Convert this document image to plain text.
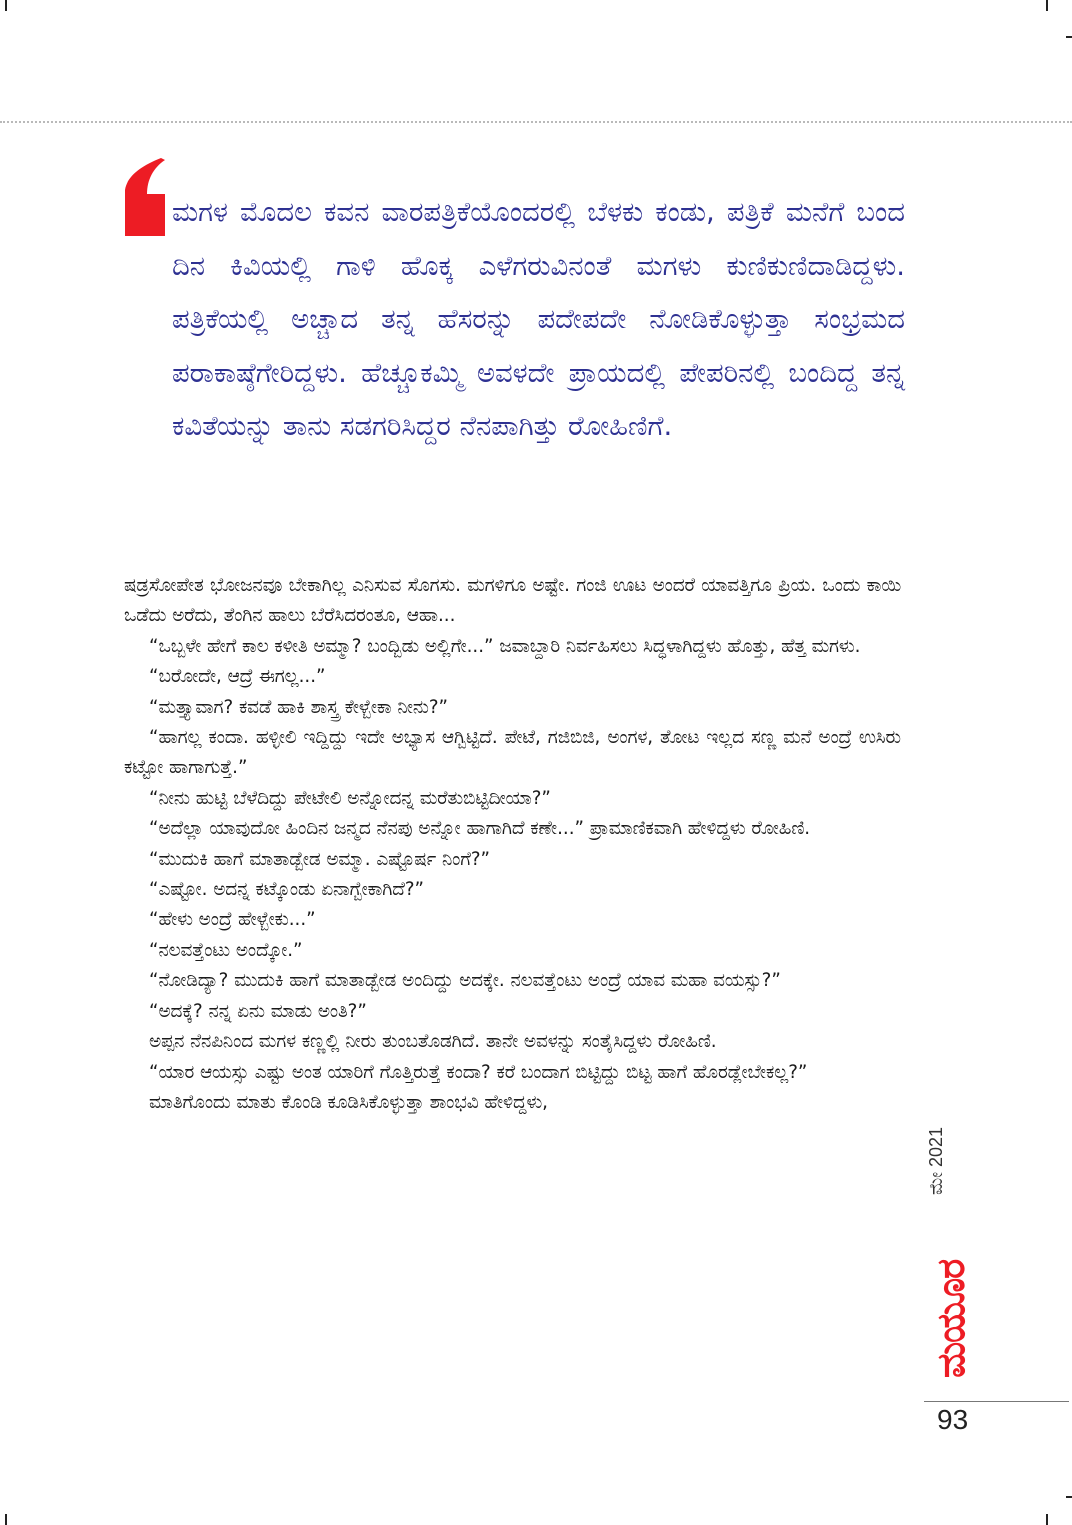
ಮಗಳ ಮೊದಲ ಕವನ ವಾರಪತ್ರಿಕೆಯೊಂದರಲ್ಲಿ ಬೆಳಕು ಕಂಡು, ಪತ್ರಿಕೆ ಮನೆಗೆ ಬಂದ ದಿನ ಕಿವಿಯಲ್ಲಿ ಗಾಳಿ ಹೊಕ್ಕ ಎಳೆಗರುವಿನಂತೆ ಮಗಳು ಕುಣಿಕುಣಿದಾಡಿದ್ದಳು. ಪತ್ರಿಕೆಯಲ್ಲಿ ಅಚ್ಚಾದ ತನ್ನ ಹೆಸರನ್ನು ಪದೇಪದೇ ನೋಡಿಕೊಳ್ಳುತ್ತಾ ಸಂಭ್ರಮದ ಪರಾಕಾಷ್ಠೆಗೇರಿದ್ದಳು. ಹೆಚ್ಚೂಕಮ್ಮಿ ಅವಳದೇ ಪ್ರಾಯದಲ್ಲಿ ಪೇಪರಿನಲ್ಲಿ ಬಂದಿದ್ದ ತನ್ನ ಕವಿತೆಯನ್ನು ತಾನು ಸಡಗರಿಸಿದ್ದರ ನೆನಪಾಗಿತ್ತು ರೋಹಿಣಿಗೆ.

ಷಡ್ರಸೋಪೇತ ಭೋಜನವೂ ಬೇಕಾಗಿಲ್ಲ ಎನಿಸುವ ಸೊಗಸು. ಮಗಳಿಗೂ ಅಷ್ಟೇ. ಗಂಜಿ ಊಟ ಅಂದರೆ ಯಾವತ್ತಿಗೂ ಪ್ರಿಯ. ಒಂದು ಕಾಯಿ ಒಡೆದು ಅರೆದು, ತೆಂಗಿನ ಹಾಲು ಬೆರೆಸಿದರಂತೂ, ಆಹಾ...

“ಒಬ್ಬಳೇ ಹೇಗೆ ಕಾಲ ಕಳೀತಿ ಅಮ್ಮಾ? ಬಂದ್ಬಿಡು ಅಲ್ಲಿಗೇ...” ಜವಾಬ್ದಾರಿ ನಿರ್ವಹಿಸಲು ಸಿದ್ಧಳಾಗಿದ್ದಳು ಹೊತ್ತು, ಹೆತ್ತ ಮಗಳು.

“ಬರೋದೇ, ಆದ್ರೆ ಈಗಲ್ಲ...”

“ಮತ್ತ್ಯಾವಾಗ? ಕವಡೆ ಹಾಕಿ ಶಾಸ್ತ್ರ ಕೇಳ್ಬೇಕಾ ನೀನು?”

“ಹಾಗಲ್ಲ ಕಂದಾ. ಹಳ್ಳೀಲಿ ಇದ್ದಿದ್ದು ಇದೇ ಅಭ್ಯಾಸ ಆಗ್ಬಿಟ್ಟಿದೆ. ಪೇಟೆ, ಗಜಿಬಿಜಿ, ಅಂಗಳ, ತೋಟ ಇಲ್ಲದ ಸಣ್ಣ ಮನೆ ಅಂದ್ರೆ ಉಸಿರು ಕಟ್ಟೋ ಹಾಗಾಗುತ್ತೆ.”

“ನೀನು ಹುಟ್ಟಿ ಬೆಳೆದಿದ್ದು ಪೇಟೇಲಿ ಅನ್ನೋದನ್ನ ಮರೆತುಬಿಟ್ಟಿದೀಯಾ?”

“ಅದೆಲ್ಲಾ ಯಾವುದೋ ಹಿಂದಿನ ಜನ್ಮದ ನೆನಪು ಅನ್ನೋ ಹಾಗಾಗಿದೆ ಕಣೇ...” ಪ್ರಾಮಾಣಿಕವಾಗಿ ಹೇಳಿದ್ದಳು ರೋಹಿಣಿ.

“ಮುದುಕಿ ಹಾಗೆ ಮಾತಾಡ್ಬೇಡ ಅಮ್ಮಾ. ಎಷ್ಟೊರ್ಷ ನಿಂಗೆ?”

“ಎಷ್ಟೋ. ಅದನ್ನ ಕಟ್ಕೊಂಡು ಏನಾಗ್ಬೇಕಾಗಿದೆ?”

“ಹೇಳು ಅಂದ್ರೆ ಹೇಳ್ಬೇಕು...”

“ನಲವತ್ತೆಂಟು ಅಂದ್ಕೋ.”

“ನೋಡಿದ್ಯಾ? ಮುದುಕಿ ಹಾಗೆ ಮಾತಾಡ್ಬೇಡ ಅಂದಿದ್ದು ಅದಕ್ಕೇ. ನಲವತ್ತೆಂಟು ಅಂದ್ರೆ ಯಾವ ಮಹಾ ವಯಸ್ಸು?”

“ಅದಕ್ಕೆ? ನನ್ನ ಏನು ಮಾಡು ಅಂತಿ?”

ಅಪ್ಪನ ನೆನಪಿನಿಂದ ಮಗಳ ಕಣ್ಣಲ್ಲಿ ನೀರು ತುಂಬತೊಡಗಿದೆ. ತಾನೇ ಅವಳನ್ನು ಸಂತೈಸಿದ್ದಳು ರೋಹಿಣಿ.

“ಯಾರ ಆಯಸ್ಸು ಎಷ್ಟು ಅಂತ ಯಾರಿಗೆ ಗೊತ್ತಿರುತ್ತೆ ಕಂದಾ? ಕರೆ ಬಂದಾಗ ಬಿಟ್ಟಿದ್ದು ಬಿಟ್ಟ ಹಾಗೆ ಹೊರಡ್ಲೇಬೇಕಲ್ಲ?”

ಮಾತಿಗೊಂದು ಮಾತು ಕೊಂಡಿ ಕೂಡಿಸಿಕೊಳ್ಳುತ್ತಾ ಶಾಂಭವಿ ಹೇಳಿದ್ದಳು,

ಮೇ 2021
ಮಯೂರ
93
